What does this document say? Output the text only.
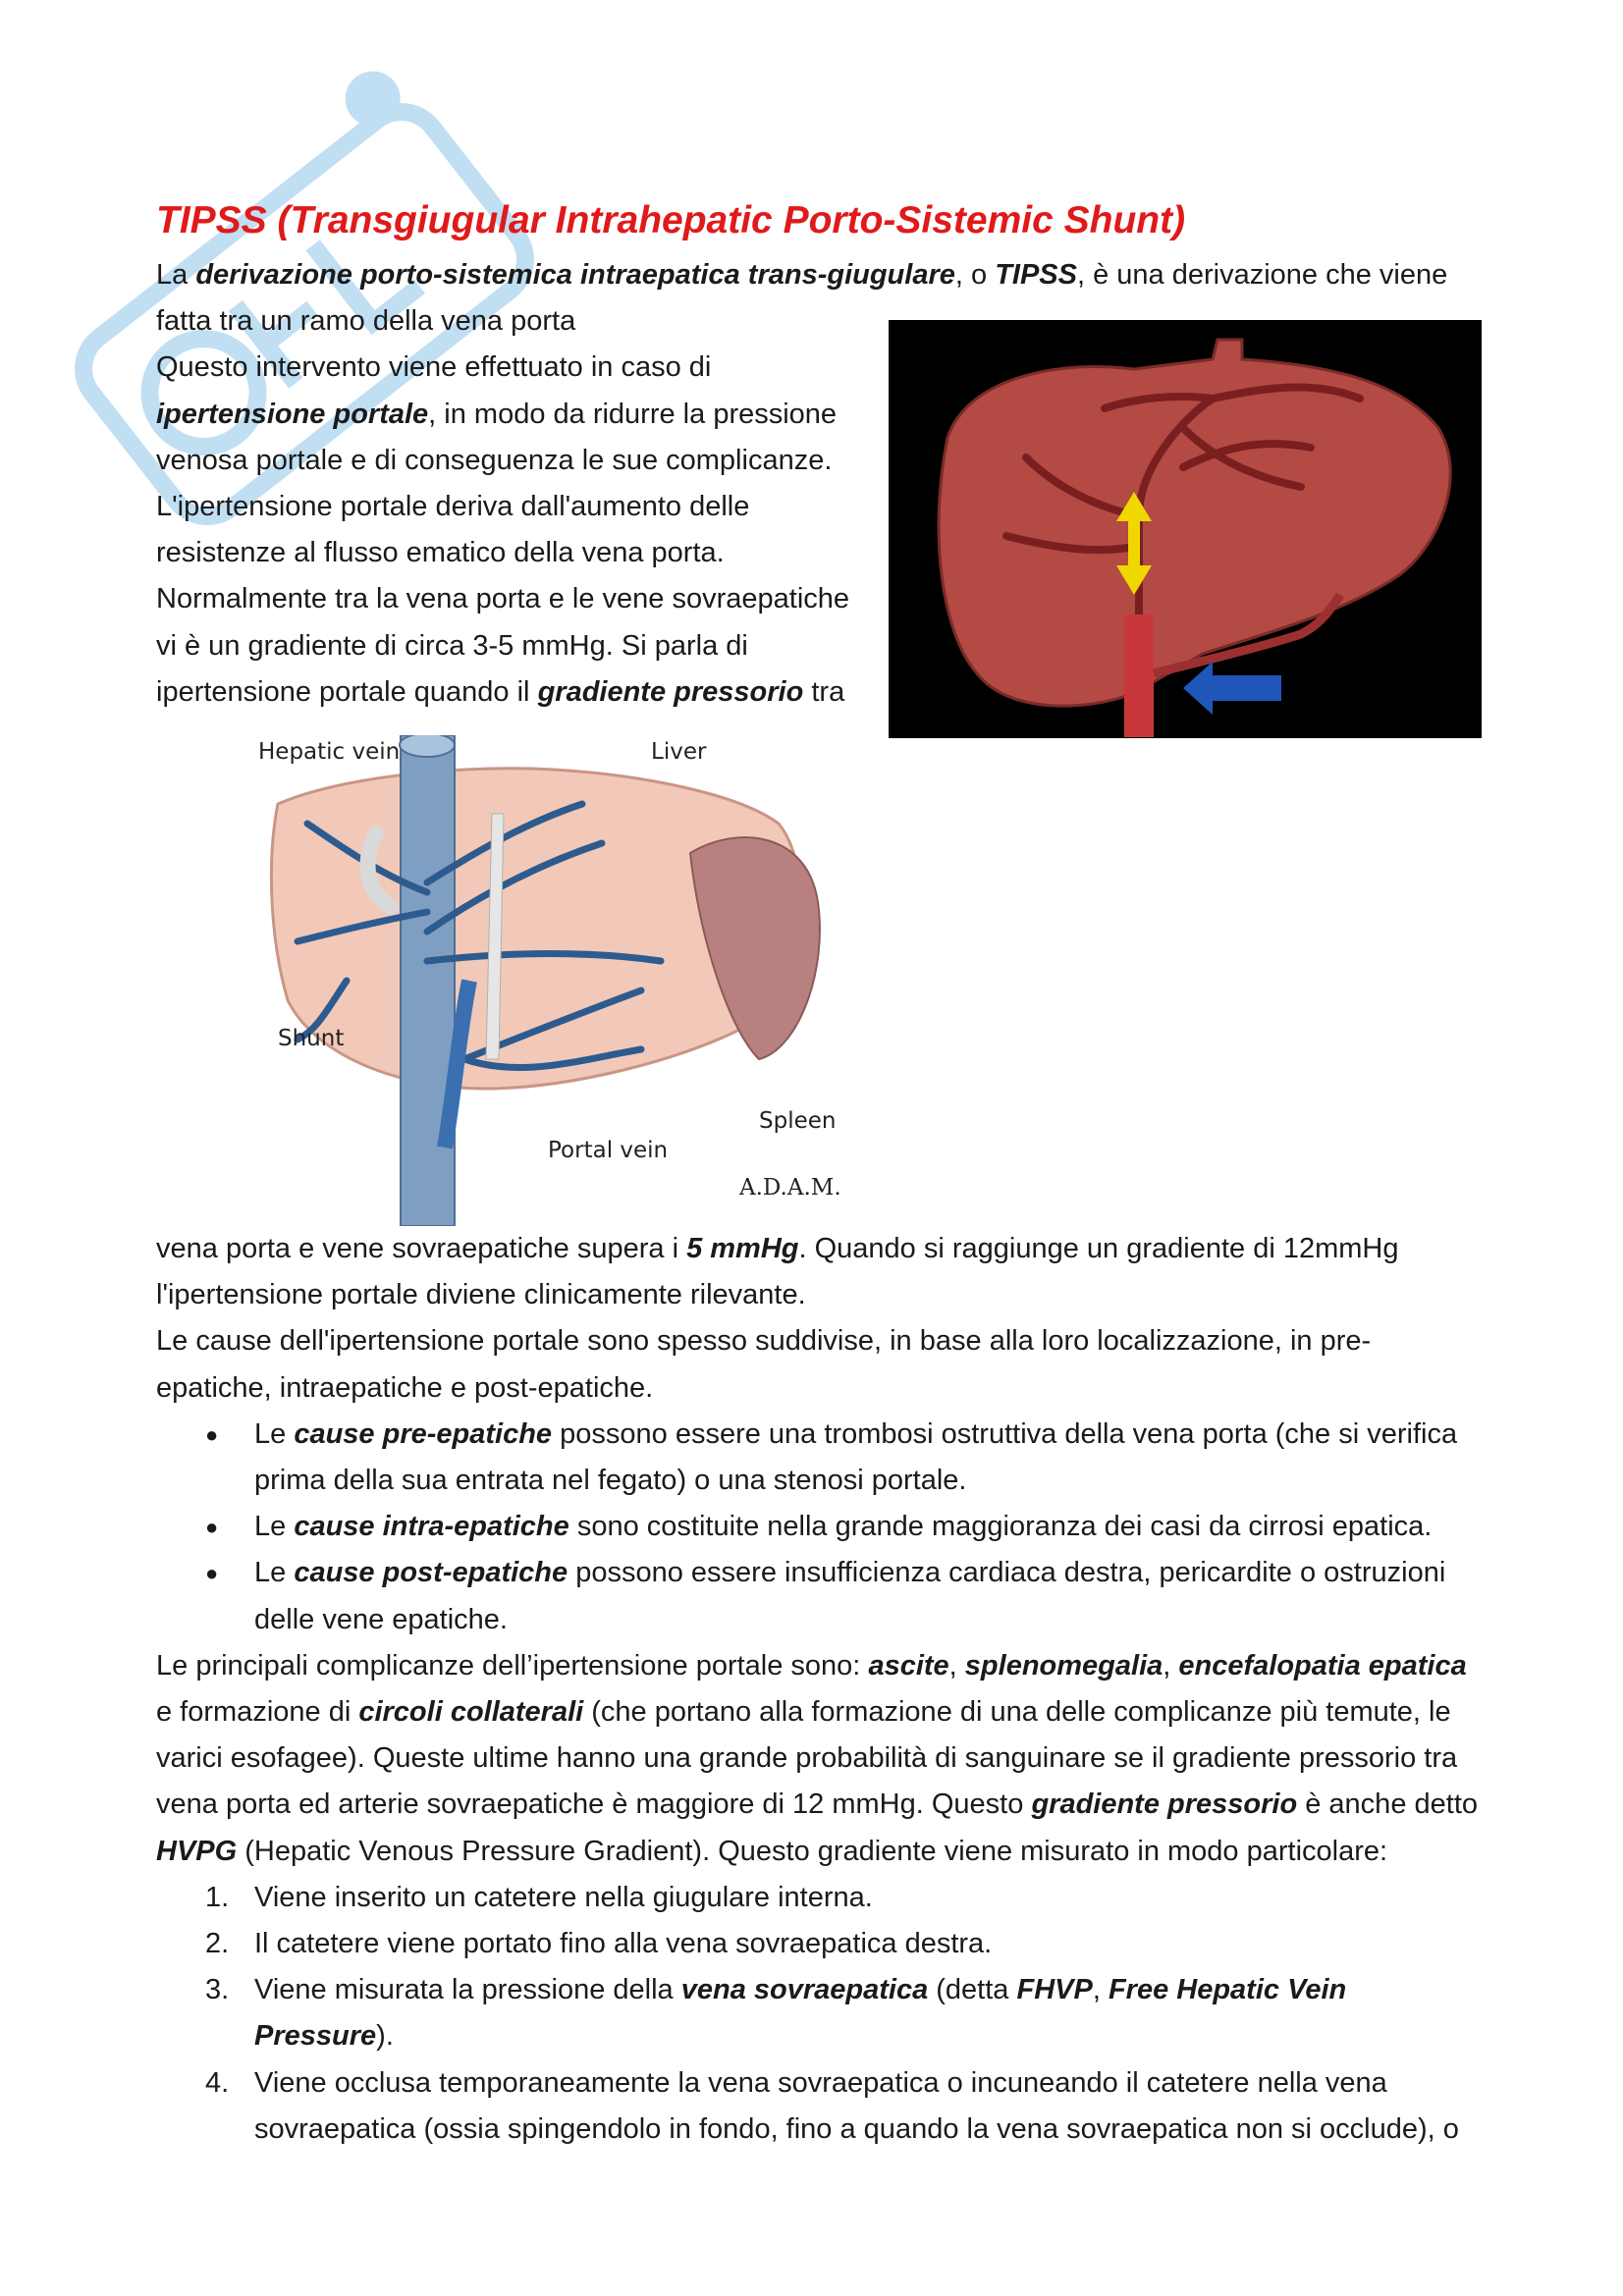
TIPSS (Transgiugular Intrahepatic Porto-Sistemic Shunt)

La derivazione porto-sistemica intraepatica trans-giugulare, o TIPSS, è una derivazione che viene fatta tra un ramo della
vena porta

Questo intervento viene effettuato in caso di ipertensione portale, in modo da ridurre la pressione venosa portale e di conseguenza le sue complicanze.

L'ipertensione portale deriva dall'aumento delle resistenze al flusso ematico della vena porta. Normalmente tra la vena porta e le vene sovraepatiche vi è un gradiente di circa 3-5 mmHg. Si parla di ipertensione portale quando il
Hepatic vein	Liver
Shunt
Spleen
Portal vein
A.D.A.M.
gradiente pressorio tra vena porta e vene sovraepatiche supera i 5 mmHg. Quando si raggiunge un gradiente di 12mmHg l'ipertensione portale diviene clinicamente rilevante.

Le cause dell'ipertensione portale sono spesso suddivise, in base alla loro localizzazione, in pre-epatiche, intraepatiche e post-epatiche.

● Le cause pre-epatiche possono essere una trombosi ostruttiva della vena porta (che si verifica prima della sua entrata nel fegato) o una stenosi portale.
● Le cause intra-epatiche sono costituite nella grande maggioranza dei casi da cirrosi epatica.
● Le cause post-epatiche possono essere insufficienza cardiaca destra, pericardite o ostruzioni delle vene epatiche.

Le principali complicanze dell’ipertensione portale sono: ascite, splenomegalia, encefalopatia epatica e formazione di circoli collaterali (che portano alla formazione di una delle complicanze più temute, le varici esofagee). Queste ultime hanno una grande probabilità di sanguinare se il gradiente pressorio tra vena porta ed arterie sovraepatiche è maggiore di 12 mmHg. Questo gradiente pressorio è anche detto HVPG (Hepatic Venous Pressure Gradient). Questo gradiente viene misurato in modo particolare:

1. Viene inserito un catetere nella giugulare interna.
2. Il catetere viene portato fino alla vena sovraepatica destra.
3. Viene misurata la pressione della vena sovraepatica (detta FHVP, Free Hepatic Vein Pressure).
4. Viene occlusa temporaneamente la vena sovraepatica o incuneando il catetere nella vena sovraepatica (ossia spingendolo in fondo, fino a quando la vena sovraepatica non si occlude), o
